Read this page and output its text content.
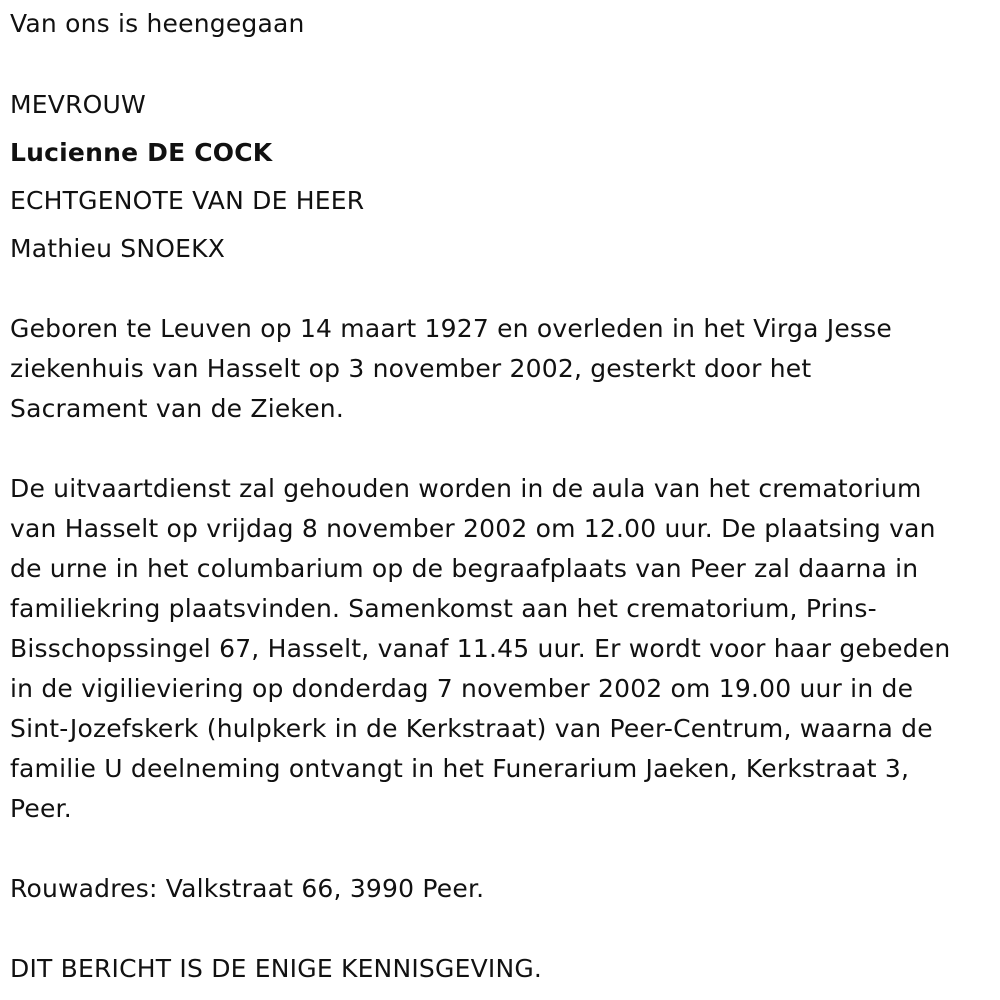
Van ons is heengegaan
MEVROUW
Lucienne DE COCK
ECHTGENOTE VAN DE HEER
Mathieu SNOEKX
Geboren te Leuven op 14 maart 1927 en overleden in het Virga Jesse
ziekenhuis van Hasselt op 3 november 2002, gesterkt door het
Sacrament van de Zieken.
De uitvaartdienst zal gehouden worden in de aula van het crematorium
van Hasselt op vrijdag 8 november 2002 om 12.00 uur. De plaatsing van
de urne in het columbarium op de begraafplaats van Peer zal daarna in
familiekring plaatsvinden. Samenkomst aan het crematorium, Prins-
Bisschopssingel 67, Hasselt, vanaf 11.45 uur. Er wordt voor haar gebeden
in de vigilieviering op donderdag 7 november 2002 om 19.00 uur in de
Sint-Jozefskerk (hulpkerk in de Kerkstraat) van Peer-Centrum, waarna de
familie U deelneming ontvangt in het Funerarium Jaeken, Kerkstraat 3,
Peer.
Rouwadres: Valkstraat 66, 3990 Peer.
DIT BERICHT IS DE ENIGE KENNISGEVING.
